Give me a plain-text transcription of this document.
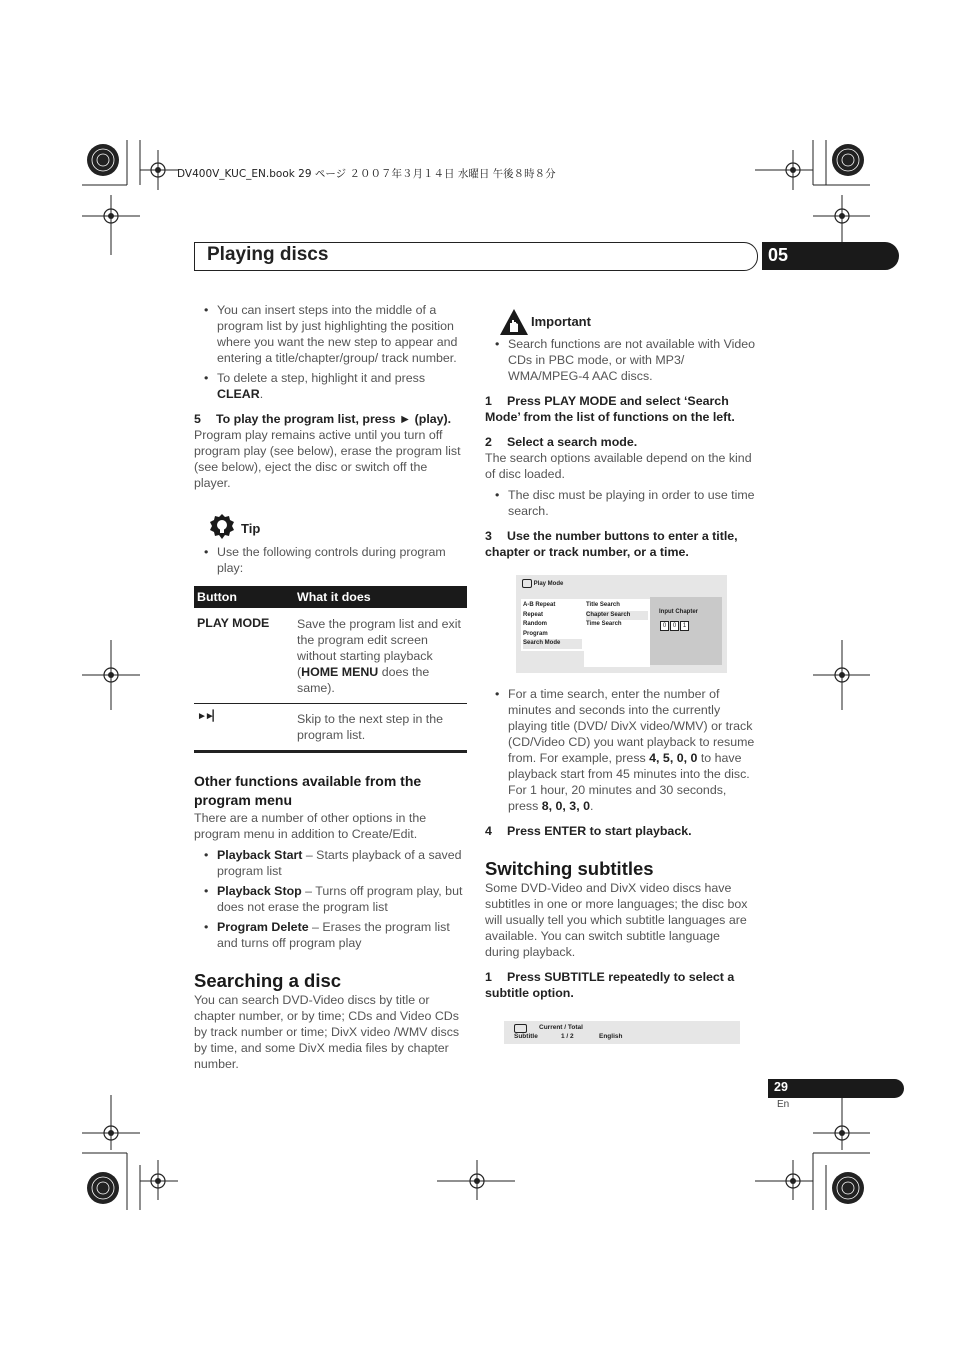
DV400V_KUC_EN.book 29 ページ ２００７年３月１４日 水曜日 午後８時８分
Playing discs	05

• You can insert steps into the middle of a program list by just highlighting the position where you want the new step to appear and entering a title/chapter/group/ track number.

• To delete a step, highlight it and press CLEAR.

5 To play the program list, press ► (play).

Program play remains active until you turn off program play (see below), erase the program list (see below), eject the disc or switch off the player.

Tip

• Use the following controls during program play:

Button	What it does
PLAY MODE	Save the program list and exit the program edit screen without starting playback (HOME MENU does the same).

►►▏	Skip to the next step in the program list.

Other functions available from the program menu

There are a number of other options in the program menu in addition to Create/Edit.

• Playback Start – Starts playback of a saved program list

• Playback Stop – Turns off program play, but does not erase the program list

• Program Delete – Erases the program list and turns off program play

Searching a disc

You can search DVD-Video discs by title or chapter number, or by time; CDs and Video CDs by track number or time; DivX video /WMV discs by time, and some DivX media files by chapter number.

Important

• Search functions are not available with Video CDs in PBC mode, or with MP3/ WMA/MPEG-4 AAC discs.

1 Press PLAY MODE and select ‘Search Mode’ from the list of functions on the left.

2 Select a search mode.

The search options available depend on the kind of disc loaded.

• The disc must be playing in order to use time search.

3 Use the number buttons to enter a title, chapter or track number, or a time.

Play Mode
A-B Repeat
Repeat
Random
Program
Search Mode
Title Search
Chapter Search
Time Search
Input Chapter
0	0	1

• For a time search, enter the number of minutes and seconds into the currently playing title (DVD/ DivX video/WMV) or track (CD/Video CD) you want playback to resume from. For example, press 4, 5, 0, 0 to have playback start from 45 minutes into the disc. For 1 hour, 20 minutes and 30 seconds, press 8, 0, 3, 0.

4 Press ENTER to start playback.

Switching subtitles

Some DVD-Video and DivX video discs have subtitles in one or more languages; the disc box will usually tell you which subtitle languages are available. You can switch subtitle language during playback.

1 Press SUBTITLE repeatedly to select a subtitle option.

Current / Total
Subtitle	1 / 2	English
29
En
